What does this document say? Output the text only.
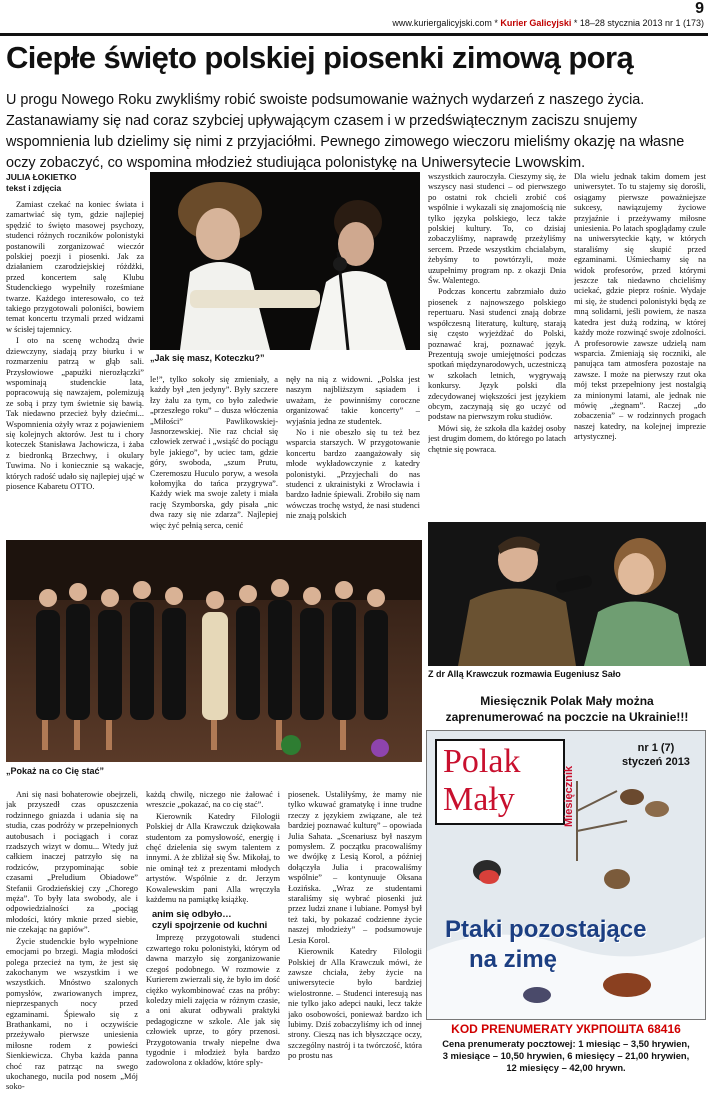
9
www.kuriergalicyjski.com * Kurier Galicyjski * 18–28 stycznia 2013 nr 1 (173)
Ciepłe święto polskiej piosenki zimową porą
U progu Nowego Roku zwykliśmy robić swoiste podsumowanie ważnych wydarzeń z naszego życia. Zastanawiamy się nad coraz szybciej upływającym czasem i w przedświątecznym zaciszu snujemy wspomnienia lub dzielimy się nimi z przyjaciółmi. Pewnego zimowego wieczoru mieliśmy okazję na własne oczy zobaczyć, co wspomina młodzież studiująca polonistykę na Uniwersytecie Lwowskim.
JULIA ŁOKIETKO
tekst i zdjęcia

Zamiast czekać na koniec świata i zamartwiać się tym, gdzie najlepiej spędzić to święto masowej psychozy, studenci różnych roczników polonistyki postanowili zorganizować wieczór polskiej poezji i piosenki. Jak za działaniem czarodziejskiej różdżki, przed koncertem salę Klubu Studenckiego wypełniły roześmiane twarze. Każdego interesowało, co też takiego przygotowali poloniści, bowiem temat koncertu trzymali przed widzami w ścisłej tajemnicy.

I oto na scenę wchodzą dwie dziewczyny, siadają przy biurku i w rozmarzeniu patrzą w głąb sali. Przysłowiowe „papużki nierozłączki” wspominają studenckie lata, popracowują się nawzajem, polemizują ze sobą i przy tym świetnie się bawią. Tak niedawno przecież były dziećmi... Wspomnienia ożyły wraz z pojawieniem się kolejnych aktorów. Jest tu i chory koteczek Stanisława Jachowicza, i żaba z biedronką Brzechwy, i okulary Tuwima. No i koniecznie są wakacje, których radość udało się najlepiej ująć w piosence Kabaretu OTTO.

„Jak się masz, Koteczku?”

le!”, tylko sokoły się zmieniały, a każdy był „ten jedyny”. Były szczere łzy żalu za tym, co było zaledwie „przeszłego roku” – dusza włóczenia „Miłości” Pawlikowskiej-Jasnorzewskiej. Nie raz chciał się człowiek zerwać i „wsiąść do pociągu byle jakiego”, by uciec tam, gdzie góry, swoboda, „szum Prutu, Czeremoszu Huculo poryw, a wesoła kołomyjka do tańca przygrywa”. Każdy wiek ma swoje zalety i miała rację Szymborska, gdy pisała „nic dwa razy się nie zdarza”. Najlepiej więc żyć pełnią serca, cenić

nęły na nią z widowni. „Polska jest naszym najbliższym sąsiadem i uważam, że powinniśmy coroczne organizować takie koncerty” – wyjaśnia jedna ze studentek.

No i nie obeszło się tu też bez wsparcia starszych. W przygotowanie koncertu bardzo zaangażowały się młode wykładowczynie z katedry polonistyki. „Przyjechali do nas studenci z ukrainistyki z Wrocławia i bardzo ładnie śpiewali. Zrobiło się nam wówczas trochę wstyd, że nasi studenci nie znają polskich

wszystkich zauroczyła. Cieszymy się, że wszyscy nasi studenci – od pierwszego po ostatni rok chcieli zrobić coś wspólnie i wykazali się znajomością nie tylko języka polskiego, lecz także polskiej kultury. To, co dzisiaj zobaczyliśmy, naprawdę przeżyliśmy sercem. Przede wszystkim chcialabym, żebyśmy to powtórzyli, może uzupełnimy program np. z okazji Dnia Św. Walentego.

Podczas koncertu zabrzmiało dużo piosenek z najnowszego polskiego repertuaru. Nasi studenci znają dobrze współczesną literaturę, kulturę, starają się często wyjeżdżać do Polski, poznawać kraj, poznawać język. Prezentują swoje umiejętności podczas spotkań międzynarodowych, uczestniczą w szkołach letnich, wygrywają konkursy. Język polski dla zdecydowanej większości jest językiem obcym, zaczynają się go uczyć od podstaw na pierwszym roku studiów.

Mówi się, że szkoła dla każdej osoby jest drugim domem, do którego po latach chętnie się powraca.

Dla wielu jednak takim domem jest uniwersytet. To tu stajemy się dorośli, osiągamy pierwsze poważniejsze sukcesy, nawiązujemy życiowe przyjaźnie i przeżywamy miłosne uniesienia. Po latach spoglądamy czule na uniwersyteckie kąty, w których staraliśmy się skupić przed egzaminami. Uśmiechamy się na widok profesorów, przed którymi jeszcze tak niedawno chcieliśmy uciekać, gdzie pieprz rośnie. Wydaje mi się, że studenci polonistyki będą ze mną solidarni, jeśli powiem, że nasza katedra jest dużą rodziną, w której każdy może rozwinąć swoje zdolności. A profesorowie zawsze udzielą nam wsparcia. Zmieniają się roczniki, ale panująca tam atmosfera pozostaje na zawsze. I może na pierwszy rzut oka mój tekst przepełniony jest nostalgią za minionymi latami, ale jednak nie mówię „żegnam”. Raczej „do zobaczenia” – w rodzinnych progach naszej katedry, na kolejnej imprezie artystycznej.

„Pokaż na co Cię stać”
Z dr Allą Krawczuk rozmawia Eugeniusz Sało

Ani się nasi bohaterowie obejrzeli, jak przyszedł czas opuszczenia rodzinnego gniazda i udania się na studia, czas podróży w przepełnionych autobusach i pociągach i coraz rzadszych wizyt w domu... Wtedy już całkiem inaczej patrzyło się na rodziców, przypominając sobie czasami „Preludium Obiadowe” Stefanii Grodzieńskiej czy „Chorego męża”. To były lata swobody, ale i odpowiedzialności za „pociąg młodości, który mknie przed siebie, nie czekając na gapiów”.

Życie studenckie było wypełnione emocjami po brzegi. Magia młodości polega przecież na tym, że jest się zakochanym we wszystkim i we wszystkich. Mnóstwo szalonych pomysłów, zwariowanych imprez, nieprzespanych nocy przed egzaminami. Śpiewało się z Brathankami, no i oczywiście przeżywało pierwsze uniesienia miłosne rodem z powieści Sienkiewicza. Chyba każda panna choć raz patrząc na swego ukochanego, nucila pod nosem „Mój soko-

każdą chwilę, niczego nie żałować i wreszcie „pokazać, na co cię stać”.

Kierownik Katedry Filologii Polskiej dr Alla Krawczuk dziękowała studentom za pomysłowość, energię i chęć dzielenia się swym talentem z innymi. A że zbliżał się Św. Mikołaj, to nie ominął też z prezentami młodych artystów. Wspólnie z dr. Jerzym Kowalewskim pani Alla wręczyła każdemu na pamiątkę książkę.

anim się odbyło…
czyli spojrzenie od kuchni

Imprezę przygotowali studenci czwartego roku polonistyki, którym od dawna marzyło się zorganizowanie czegoś podobnego. W rozmowie z Kurierem zwierzali się, że było im dość ciężko wykombinować czas na próby: koledzy mieli zajęcia w różnym czasie, a oni akurat odbywali praktyki pedagogiczne w szkole. Ale jak się człowiek uprze, to góry przenosi. Przygotowania trwały niepełne dwa tygodnie i młodzież była bardzo zadowolona z okładów, które sply-

piosenek. Ustaliłyśmy, że mamy nie tylko wkuwać gramatykę i inne trudne rzeczy z językiem związane, ale też bardziej poznawać kulturę” – opowiada Julia Sahata. „Scenariusz był naszym pomysłem. Z początku pracowaliśmy we dwójkę z Lesią Korol, a później dołączyła Julia i pracowaliśmy wspólnie” – kontynuuje Oksana Łozińska. „Wraz ze studentami staraliśmy się wybrać piosenki już przez ludzi znane i lubiane. Pomysł był też taki, by pokazać codzienne życie naszej młodzieży” – podsumowuje Lesia Korol.

Kierownik Katedry Filologii Polskiej dr Alla Krawczuk mówi, że zawsze chciała, żeby życie na uniwersytecie było bardziej wielostronne. – Studenci interesują nas nie tylko jako adepci nauki, lecz także jako osobowości, ponieważ bardzo ich lubimy. Dziś zobaczyliśmy ich od innej strony. Cieszą nas ich błyszczące oczy, szczególny nastrój i ta twórczość, która po prostu nas

Miesięcznik Polak Mały można
zaprenumerować na poczcie na Ukrainie!!!
Polak
Mały	Miesięcznik
nr 1 (7)
styczeń 2013
Ptaki pozostające
na zimę
KOD PRENUMERATY УКРПОШТА 68416
Cena prenumeraty pocztowej: 1 miesiąc – 3,50 hrywien,
3 miesiące – 10,50 hrywien, 6 miesięcy – 21,00 hrywien,
12 miesięcy – 42,00 hrywn.
